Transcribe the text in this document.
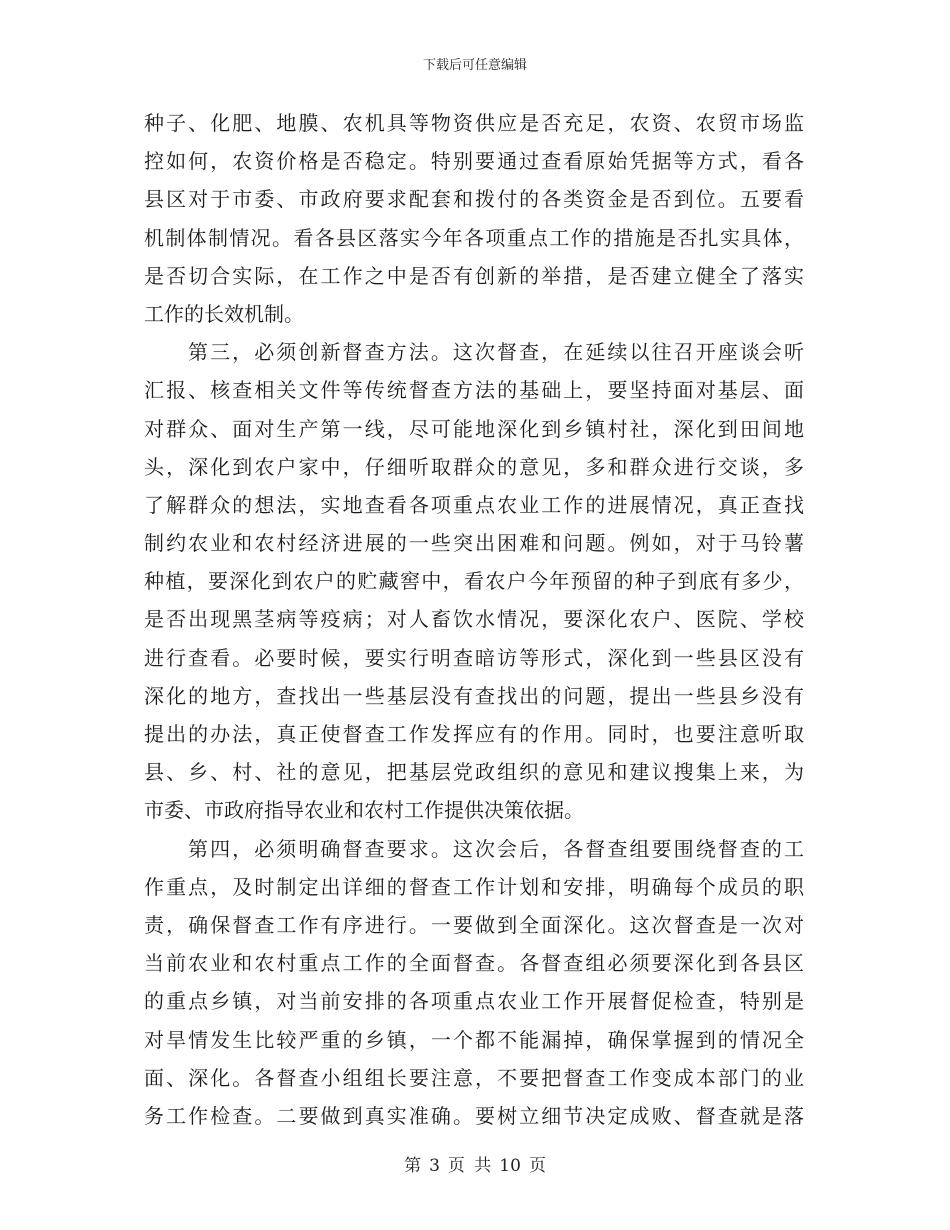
下载后可任意编辑
种子、化肥、地膜、农机具等物资供应是否充足，农资、农贸市场监
控如何，农资价格是否稳定。特别要通过查看原始凭据等方式，看各
县区对于市委、市政府要求配套和拨付的各类资金是否到位。五要看
机制体制情况。看各县区落实今年各项重点工作的措施是否扎实具体，
是否切合实际，在工作之中是否有创新的举措，是否建立健全了落实
工作的长效机制。
第三，必须创新督查方法。这次督查，在延续以往召开座谈会听
汇报、核查相关文件等传统督查方法的基础上，要坚持面对基层、面
对群众、面对生产第一线，尽可能地深化到乡镇村社，深化到田间地
头，深化到农户家中，仔细听取群众的意见，多和群众进行交谈，多
了解群众的想法，实地查看各项重点农业工作的进展情况，真正查找
制约农业和农村经济进展的一些突出困难和问题。例如，对于马铃薯
种植，要深化到农户的贮藏窖中，看农户今年预留的种子到底有多少，
是否出现黑茎病等疫病；对人畜饮水情况，要深化农户、医院、学校
进行查看。必要时候，要实行明查暗访等形式，深化到一些县区没有
深化的地方，查找出一些基层没有查找出的问题，提出一些县乡没有
提出的办法，真正使督查工作发挥应有的作用。同时，也要注意听取
县、乡、村、社的意见，把基层党政组织的意见和建议搜集上来，为
市委、市政府指导农业和农村工作提供决策依据。
第四，必须明确督查要求。这次会后，各督查组要围绕督查的工
作重点，及时制定出详细的督查工作计划和安排，明确每个成员的职
责，确保督查工作有序进行。一要做到全面深化。这次督查是一次对
当前农业和农村重点工作的全面督查。各督查组必须要深化到各县区
的重点乡镇，对当前安排的各项重点农业工作开展督促检查，特别是
对旱情发生比较严重的乡镇，一个都不能漏掉，确保掌握到的情况全
面、深化。各督查小组组长要注意，不要把督查工作变成本部门的业
务工作检查。二要做到真实准确。要树立细节决定成败、督查就是落
第 3 页 共 10 页
